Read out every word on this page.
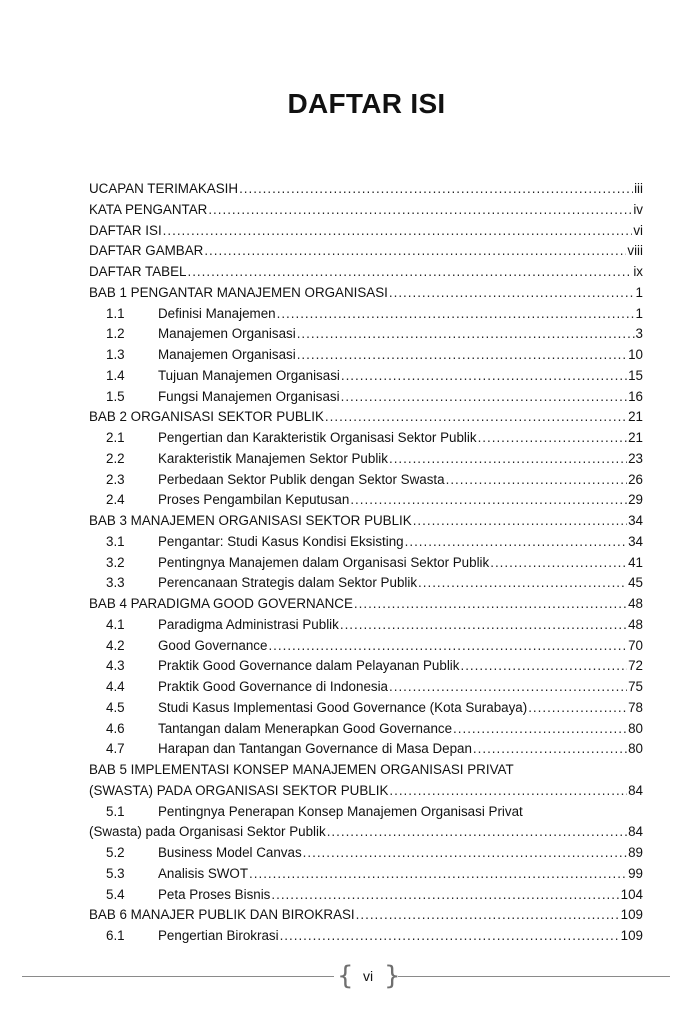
DAFTAR ISI
UCAPAN TERIMAKASIH .....	iii
KATA PENGANTAR .....	iv
DAFTAR ISI .....	vi
DAFTAR GAMBAR .....	viii
DAFTAR TABEL .....	ix
BAB 1 PENGANTAR MANAJEMEN ORGANISASI .....	1
1.1	Definisi Manajemen .....	1
1.2	Manajemen Organisasi .....	3
1.3	Manajemen Organisasi .....	10
1.4	Tujuan Manajemen Organisasi .....	15
1.5	Fungsi Manajemen Organisasi .....	16
BAB 2 ORGANISASI SEKTOR PUBLIK .....	21
2.1	Pengertian dan Karakteristik Organisasi Sektor Publik .....	21
2.2	Karakteristik Manajemen Sektor Publik .....	23
2.3	Perbedaan Sektor Publik dengan Sektor Swasta .....	26
2.4	Proses Pengambilan Keputusan .....	29
BAB 3 MANAJEMEN ORGANISASI SEKTOR PUBLIK .....	34
3.1	Pengantar: Studi Kasus Kondisi Eksisting .....	34
3.2	Pentingnya Manajemen dalam Organisasi Sektor Publik .....	41
3.3	Perencanaan Strategis dalam Sektor Publik .....	45
BAB 4 PARADIGMA GOOD GOVERNANCE .....	48
4.1	Paradigma Administrasi Publik .....	48
4.2	Good Governance .....	70
4.3	Praktik Good Governance dalam Pelayanan Publik .....	72
4.4	Praktik Good Governance di Indonesia .....	75
4.5	Studi Kasus Implementasi Good Governance (Kota Surabaya) .....	78
4.6	Tantangan dalam Menerapkan Good Governance .....	80
4.7	Harapan dan Tantangan Governance di Masa Depan .....	80
BAB 5 IMPLEMENTASI KONSEP MANAJEMEN ORGANISASI PRIVAT
(SWASTA) PADA ORGANISASI SEKTOR PUBLIK .....	84
5.1	Pentingnya Penerapan Konsep Manajemen Organisasi Privat
(Swasta) pada Organisasi Sektor Publik .....	84
5.2	Business Model Canvas .....	89
5.3	Analisis SWOT .....	99
5.4	Peta Proses Bisnis .....	104
BAB 6 MANAJER PUBLIK DAN BIROKRASI .....	109
6.1	Pengertian Birokrasi .....	109
{ }
vi
